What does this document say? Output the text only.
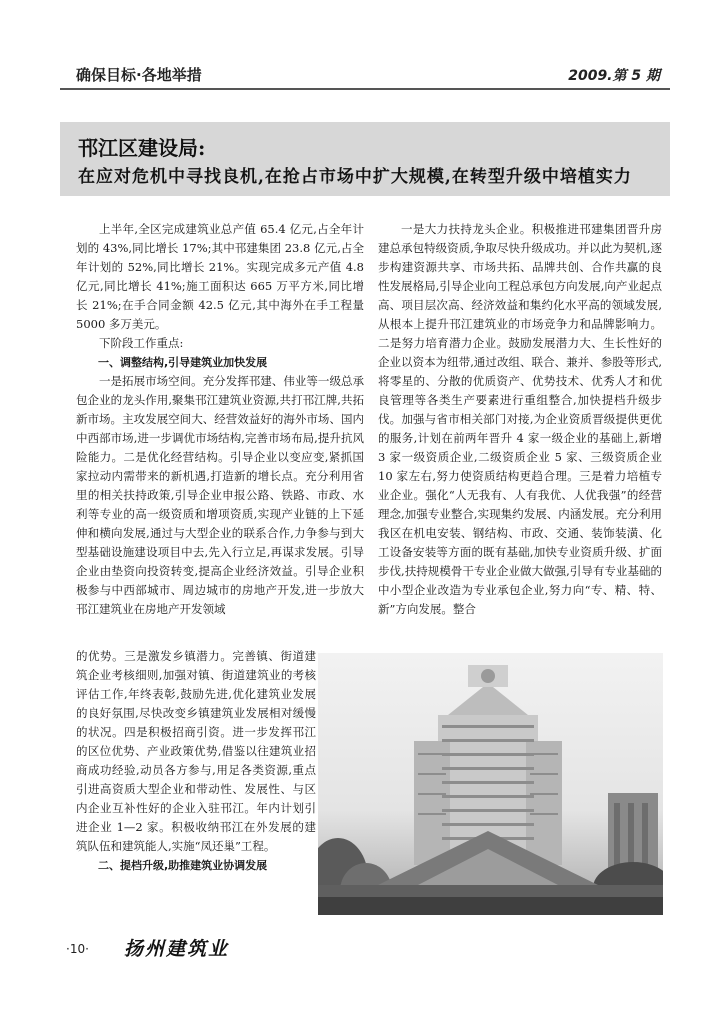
确保目标·各地举措	2009.第 5 期
邗江区建设局:
在应对危机中寻找良机,在抢占市场中扩大规模,在转型升级中培植实力

上半年,全区完成建筑业总产值 65.4 亿元,占全年计划的 43%,同比增长 17%;其中邗建集团 23.8 亿元,占全年计划的 52%,同比增长 21%。实现完成多元产值 4.8 亿元,同比增长 41%;施工面积达 665 万平方米,同比增长 21%;在手合同金额 42.5 亿元,其中海外在手工程量 5000 多万美元。

下阶段工作重点:

一、调整结构,引导建筑业加快发展

一是拓展市场空间。充分发挥邗建、伟业等一级总承包企业的龙头作用,聚集邗江建筑业资源,共打邗江牌,共拓新市场。主攻发展空间大、经营效益好的海外市场、国内中西部市场,进一步调优市场结构,完善市场布局,提升抗风险能力。二是优化经营结构。引导企业以变应变,紧抓国家拉动内需带来的新机遇,打造新的增长点。充分利用省里的相关扶持政策,引导企业申报公路、铁路、市政、水利等专业的高一级资质和增项资质,实现产业链的上下延伸和横向发展,通过与大型企业的联系合作,力争参与到大型基础设施建设项目中去,先入行立足,再谋求发展。引导企业由垫资向投资转变,提高企业经济效益。引导企业积极参与中西部城市、周边城市的房地产开发,进一步放大邗江建筑业在房地产开发领域

的优势。三是激发乡镇潜力。完善镇、街道建筑企业考核细则,加强对镇、街道建筑业的考核评估工作,年终表彰,鼓励先进,优化建筑业发展的良好氛围,尽快改变乡镇建筑业发展相对缓慢的状况。四是积极招商引资。进一步发挥邗江的区位优势、产业政策优势,借鉴以往建筑业招商成功经验,动员各方参与,用足各类资源,重点引进高资质大型企业和带动性、发展性、与区内企业互补性好的企业入驻邗江。年内计划引进企业 1—2 家。积极收纳邗江在外发展的建筑队伍和建筑能人,实施“凤还巢”工程。

二、提档升级,助推建筑业协调发展

一是大力扶持龙头企业。积极推进邗建集团晋升房建总承包特级资质,争取尽快升级成功。并以此为契机,逐步构建资源共享、市场共拓、品牌共创、合作共赢的良性发展格局,引导企业向工程总承包方向发展,向产业起点高、项目层次高、经济效益和集约化水平高的领域发展,从根本上提升邗江建筑业的市场竞争力和品牌影响力。二是努力培育潜力企业。鼓励发展潜力大、生长性好的企业以资本为纽带,通过改组、联合、兼并、参股等形式,将零星的、分散的优质资产、优势技术、优秀人才和优良管理等各类生产要素进行重组整合,加快提档升级步伐。加强与省市相关部门对接,为企业资质晋级提供更优的服务,计划在前两年晋升 4 家一级企业的基础上,新增 3 家一级资质企业,二级资质企业 5 家、三级资质企业 10 家左右,努力使资质结构更趋合理。三是着力培植专业企业。强化“人无我有、人有我优、人优我强”的经营理念,加强专业整合,实现集约发展、内涵发展。充分利用我区在机电安装、钢结构、市政、交通、装饰装潢、化工设备安装等方面的既有基础,加快专业资质升级、扩面步伐,扶持规模骨干专业企业做大做强,引导有专业基础的中小型企业改造为专业承包企业,努力向“专、精、特、新”方向发展。整合

·10· 扬州建筑业
